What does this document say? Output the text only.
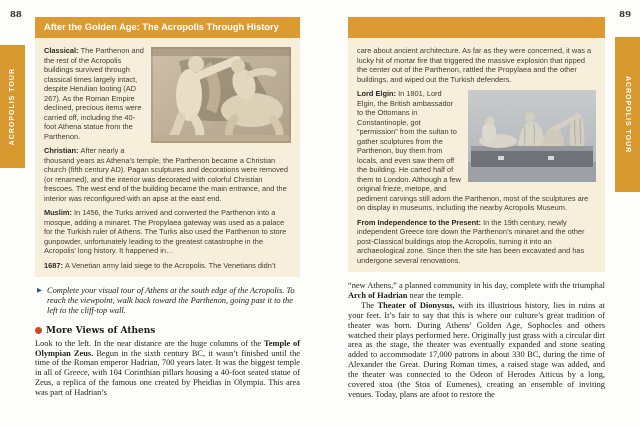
88	89
ACROPOLIS TOUR	ACROPOLIS TOUR
After the Golden Age: The Acropolis Through History

Classical: The Parthenon and the rest of the Acropolis buildings survived through classical times largely intact, despite Herulian looting (AD 267). As the Roman Empire declined, precious items were carried off, including the 40-foot Athena statue from the Parthenon.

Christian: After nearly a thousand years as Athena’s temple, the Parthenon became a Christian church (fifth century AD). Pagan sculptures and decorations were removed (or renamed), and the interior was decorated with colorful Christian frescoes. The west end of the building became the main entrance, and the interior was reconfigured with an apse at the east end.

Muslim: In 1456, the Turks arrived and converted the Parthenon into a mosque, adding a minaret. The Propylaea gateway was used as a palace for the Turkish ruler of Athens. The Turks also used the Parthenon to store gunpowder, unfortunately leading to the greatest catastrophe in the Acropolis’ long history. It happened in…

1687: A Venetian army laid siege to the Acropolis. The Venetians didn’t

▶ Complete your visual tour of Athens at the south edge of the Acropolis. To reach the viewpoint, walk back toward the Parthenon, going past it to the left to the cliff-top wall.
More Views of Athens

Look to the left. In the near distance are the huge columns of the Temple of Olympian Zeus. Begun in the sixth century BC, it wasn’t finished until the time of the Roman emperor Hadrian, 700 years later. It was the biggest temple in all of Greece, with 104 Corinthian pillars housing a 40-foot seated statue of Zeus, a replica of the famous one created by Pheidias in Olympia. This area was part of Hadrian’s

care about ancient architecture. As far as they were concerned, it was a lucky hit of mortar fire that triggered the massive explosion that ripped the center out of the Parthenon, rattled the Propylaea and the other buildings, and wiped out the Turkish defenders.

Lord Elgin: In 1801, Lord Elgin, the British ambassador to the Ottomans in Constantinople, got “permission” from the sultan to gather sculptures from the Parthenon, buy them from locals, and even saw them off the building. He carted half of them to London. Although a few original frieze, metope, and pediment carvings still adorn the Parthenon, most of the sculptures are on display in museums, including the nearby Acropolis Museum.

From Independence to the Present: In the 19th century, newly independent Greece tore down the Parthenon’s minaret and the other post-Classical buildings atop the Acropolis, turning it into an archaeological zone. Since then the site has been excavated and has undergone several renovations.

“new Athens,” a planned community in his day, complete with the triumphal Arch of Hadrian near the temple.

The Theater of Dionysus, with its illustrious history, lies in ruins at your feet. It’s fair to say that this is where our culture’s great tradition of theater was born. During Athens’ Golden Age, Sophocles and others watched their plays performed here. Originally just grass with a circular dirt area as the stage, the theater was eventually expanded and stone seating added to accommodate 17,000 patrons in about 330 BC, during the time of Alexander the Great. During Roman times, a raised stage was added, and the theater was connected to the Odeon of Herodes Atticus by a long, covered stoa (the Stoa of Eumenes), creating an ensemble of inviting venues. Today, plans are afoot to restore the
